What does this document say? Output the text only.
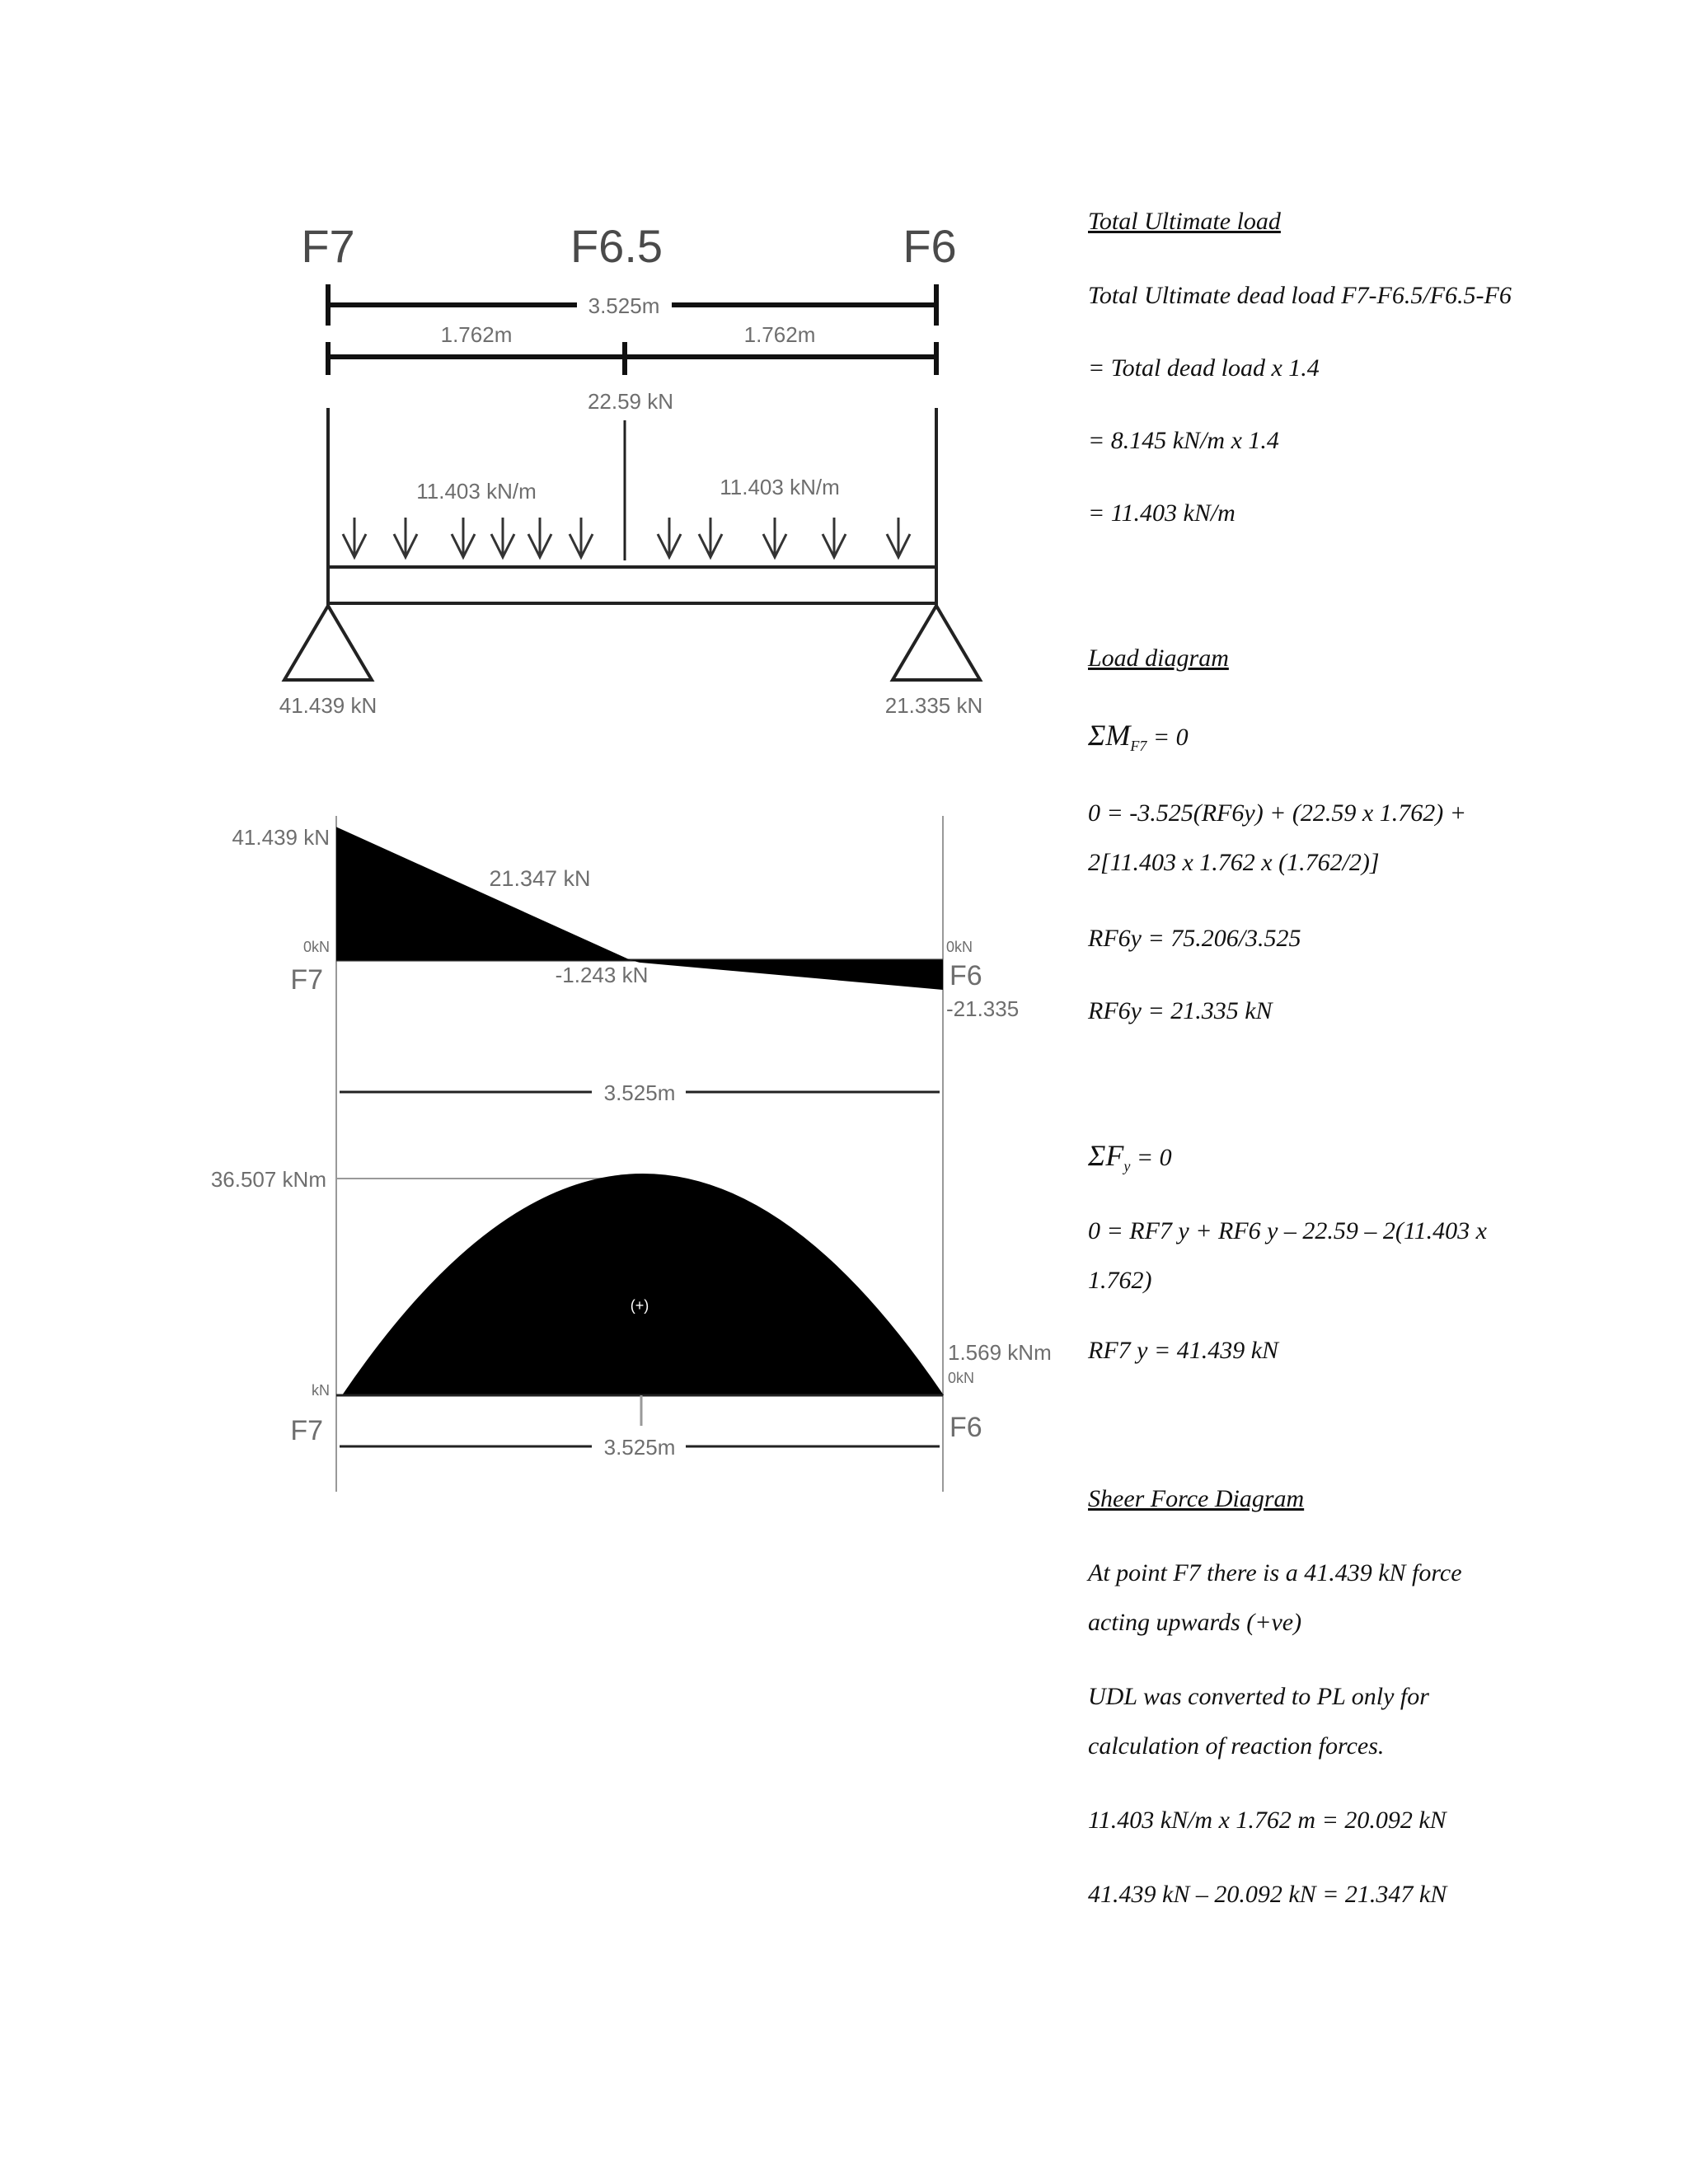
F7	F6.5	F6
3.525m
1.762m	1.762m
22.59 kN
11.403 kN/m	11.403 kN/m
41.439 kN	21.335 kN
41.439 kN
21.347 kN
0kN
F7	-1.243 kN
0kN
F6
-21.335
3.525m
36.507 kNm
(+)
1.569 kNm
0kN
kN
F7	F6
3.525m
Total Ultimate load
Total Ultimate dead load F7-F6.5/F6.5-F6
= Total dead load x 1.4
= 8.145 kN/m x 1.4
= 11.403 kN/m
Load diagram
$\Sigma M_{F7} = 0$
0 = -3.525(RF6y) + (22.59 x 1.762) +
2[11.403 x 1.762 x (1.762/2)]
RF6y = 75.206/3.525
RF6y = 21.335 kN
$\Sigma F_y = 0$
0 = RF7 y + RF6 y – 22.59 – 2(11.403 x
1.762)
RF7 y = 41.439 kN
Sheer Force Diagram
At point F7 there is a 41.439 kN force
acting upwards (+ve)
UDL was converted to PL only for
calculation of reaction forces.
11.403 kN/m x 1.762 m = 20.092 kN
41.439 kN – 20.092 kN = 21.347 kN
